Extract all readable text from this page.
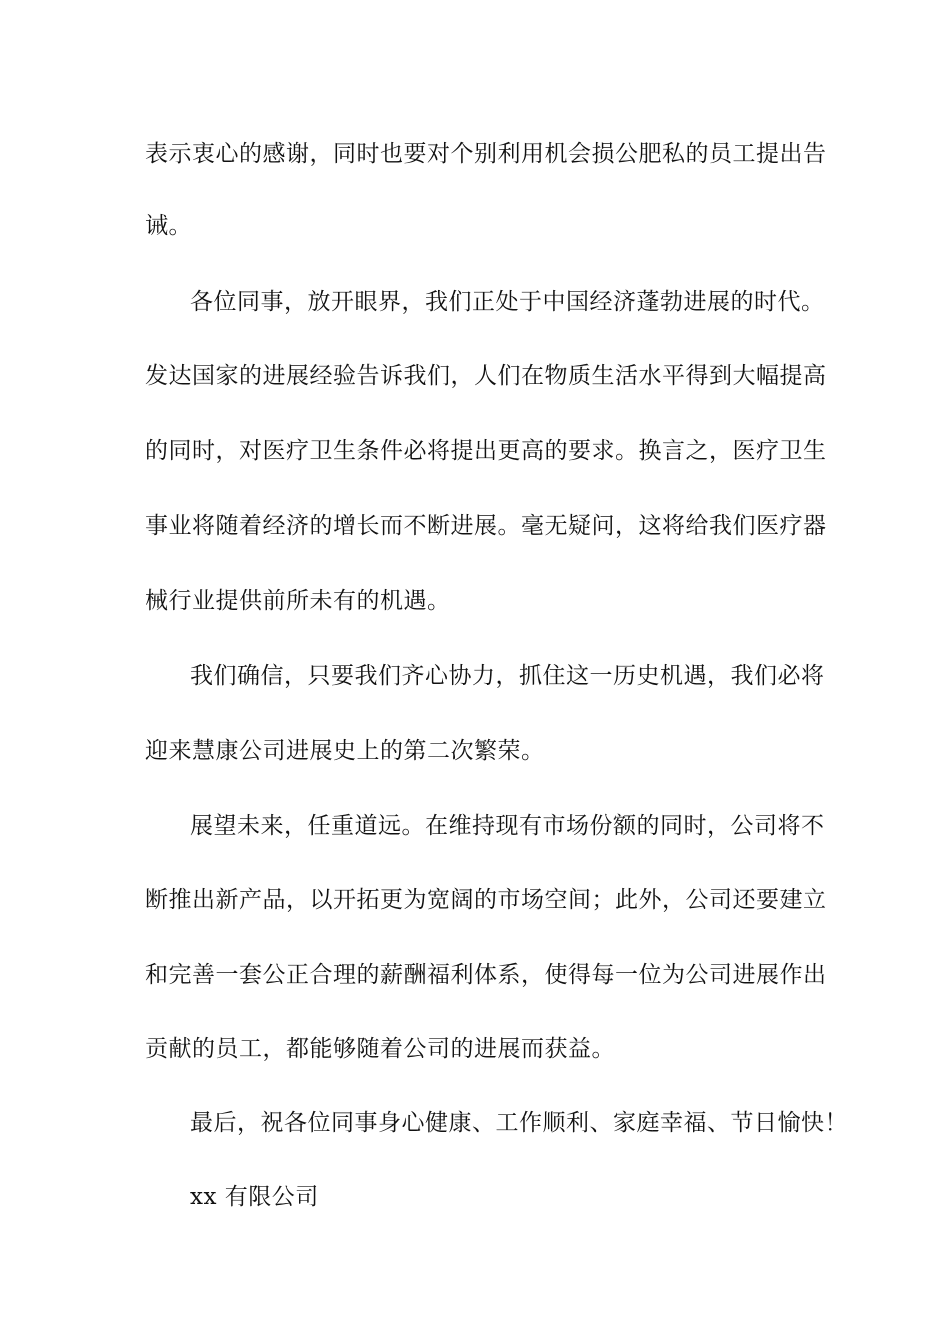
表示衷心的感谢，同时也要对个别利用机会损公肥私的员工提出告
诫。
各位同事，放开眼界，我们正处于中国经济蓬勃进展的时代。
发达国家的进展经验告诉我们，人们在物质生活水平得到大幅提高
的同时，对医疗卫生条件必将提出更高的要求。换言之，医疗卫生
事业将随着经济的增长而不断进展。毫无疑问，这将给我们医疗器
械行业提供前所未有的机遇。
我们确信，只要我们齐心协力，抓住这一历史机遇，我们必将
迎来慧康公司进展史上的第二次繁荣。
展望未来，任重道远。在维持现有市场份额的同时，公司将不
断推出新产品，以开拓更为宽阔的市场空间；此外，公司还要建立
和完善一套公正合理的薪酬福利体系，使得每一位为公司进展作出
贡献的员工，都能够随着公司的进展而获益。
最后，祝各位同事身心健康、工作顺利、家庭幸福、节日愉快！
xx 有限公司
